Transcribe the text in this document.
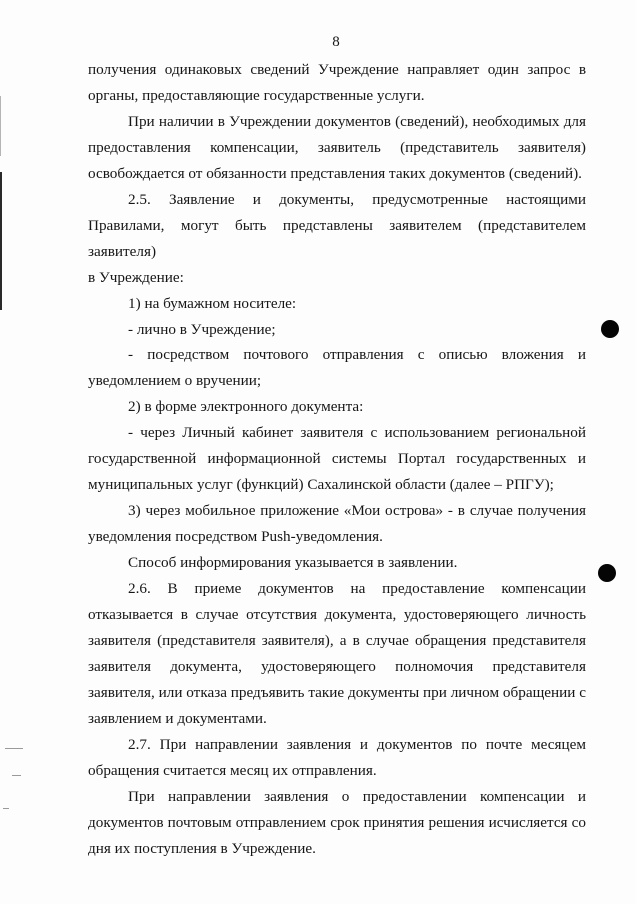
8

получения одинаковых сведений Учреждение направляет один запрос в

органы, предоставляющие государственные услуги.

При наличии в Учреждении документов (сведений), необходимых для

предоставления компенсации, заявитель (представитель заявителя)

освобождается от обязанности представления таких документов (сведений).

2.5. Заявление и документы, предусмотренные настоящими

Правилами, могут быть представлены заявителем (представителем заявителя)

в Учреждение:

1) на бумажном носителе:

- лично в Учреждение;

- посредством почтового отправления с описью вложения и

уведомлением о вручении;

2) в форме электронного документа:

- через Личный кабинет заявителя с использованием региональной

государственной информационной системы Портал государственных и

муниципальных услуг (функций) Сахалинской области (далее – РПГУ);

3) через мобильное приложение «Мои острова» - в случае получения

уведомления посредством Push-уведомления.

Способ информирования указывается в заявлении.

2.6. В приеме документов на предоставление компенсации

отказывается в случае отсутствия документа, удостоверяющего личность

заявителя (представителя заявителя), а в случае обращения представителя

заявителя документа, удостоверяющего полномочия представителя

заявителя, или отказа предъявить такие документы при личном обращении с

заявлением и документами.

2.7. При направлении заявления и документов по почте месяцем

обращения считается месяц их отправления.

При направлении заявления о предоставлении компенсации и

документов почтовым отправлением срок принятия решения исчисляется со

дня их поступления в Учреждение.
